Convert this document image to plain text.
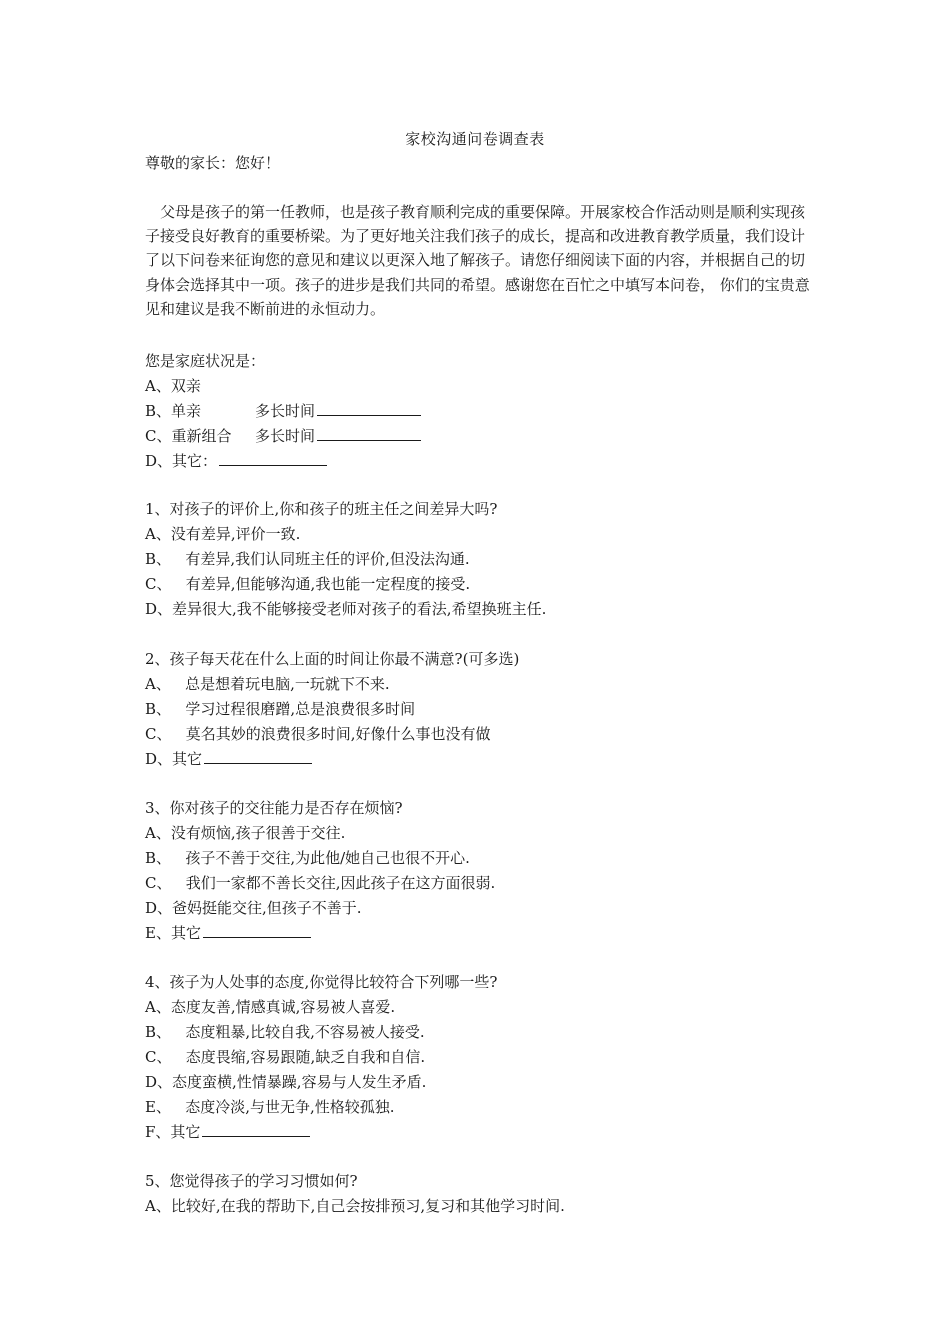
家校沟通问卷调查表
尊敬的家长：您好！

父母是孩子的第一任教师，也是孩子教育顺利完成的重要保障。开展家校合作活动则是顺利实现孩子接受良好教育的重要桥梁。为了更好地关注我们孩子的成长，提高和改进教育教学质量，我们设计了以下问卷来征询您的意见和建议以更深入地了解孩子。请您仔细阅读下面的内容，并根据自己的切身体会选择其中一项。孩子的进步是我们共同的希望。感谢您在百忙之中填写本问卷， 你们的宝贵意见和建议是我不断前进的永恒动力。

您是家庭状况是：
A、双亲
B、单亲	多长时间
C、重新组合 多长时间
D、其它：
1、对孩子的评价上,你和孩子的班主任之间差异大吗?
A、没有差异,评价一致.
B、   有差异,我们认同班主任的评价,但没法沟通.
C、   有差异,但能够沟通,我也能一定程度的接受.
D、差异很大,我不能够接受老师对孩子的看法,希望换班主任.
2、孩子每天花在什么上面的时间让你最不满意?(可多选)
A、   总是想着玩电脑,一玩就下不来.
B、   学习过程很磨蹭,总是浪费很多时间
C、   莫名其妙的浪费很多时间,好像什么事也没有做
D、其它
3、你对孩子的交往能力是否存在烦恼?
A、没有烦恼,孩子很善于交往.
B、   孩子不善于交往,为此他/她自己也很不开心.
C、   我们一家都不善长交往,因此孩子在这方面很弱.
D、爸妈挺能交往,但孩子不善于.
E、其它
4、孩子为人处事的态度,你觉得比较符合下列哪一些?
A、态度友善,情感真诚,容易被人喜爱.
B、   态度粗暴,比较自我,不容易被人接受.
C、   态度畏缩,容易跟随,缺乏自我和自信.
D、态度蛮横,性情暴躁,容易与人发生矛盾.
E、   态度冷淡,与世无争,性格较孤独.
F、其它
5、您觉得孩子的学习习惯如何?
A、比较好,在我的帮助下,自己会按排预习,复习和其他学习时间.
